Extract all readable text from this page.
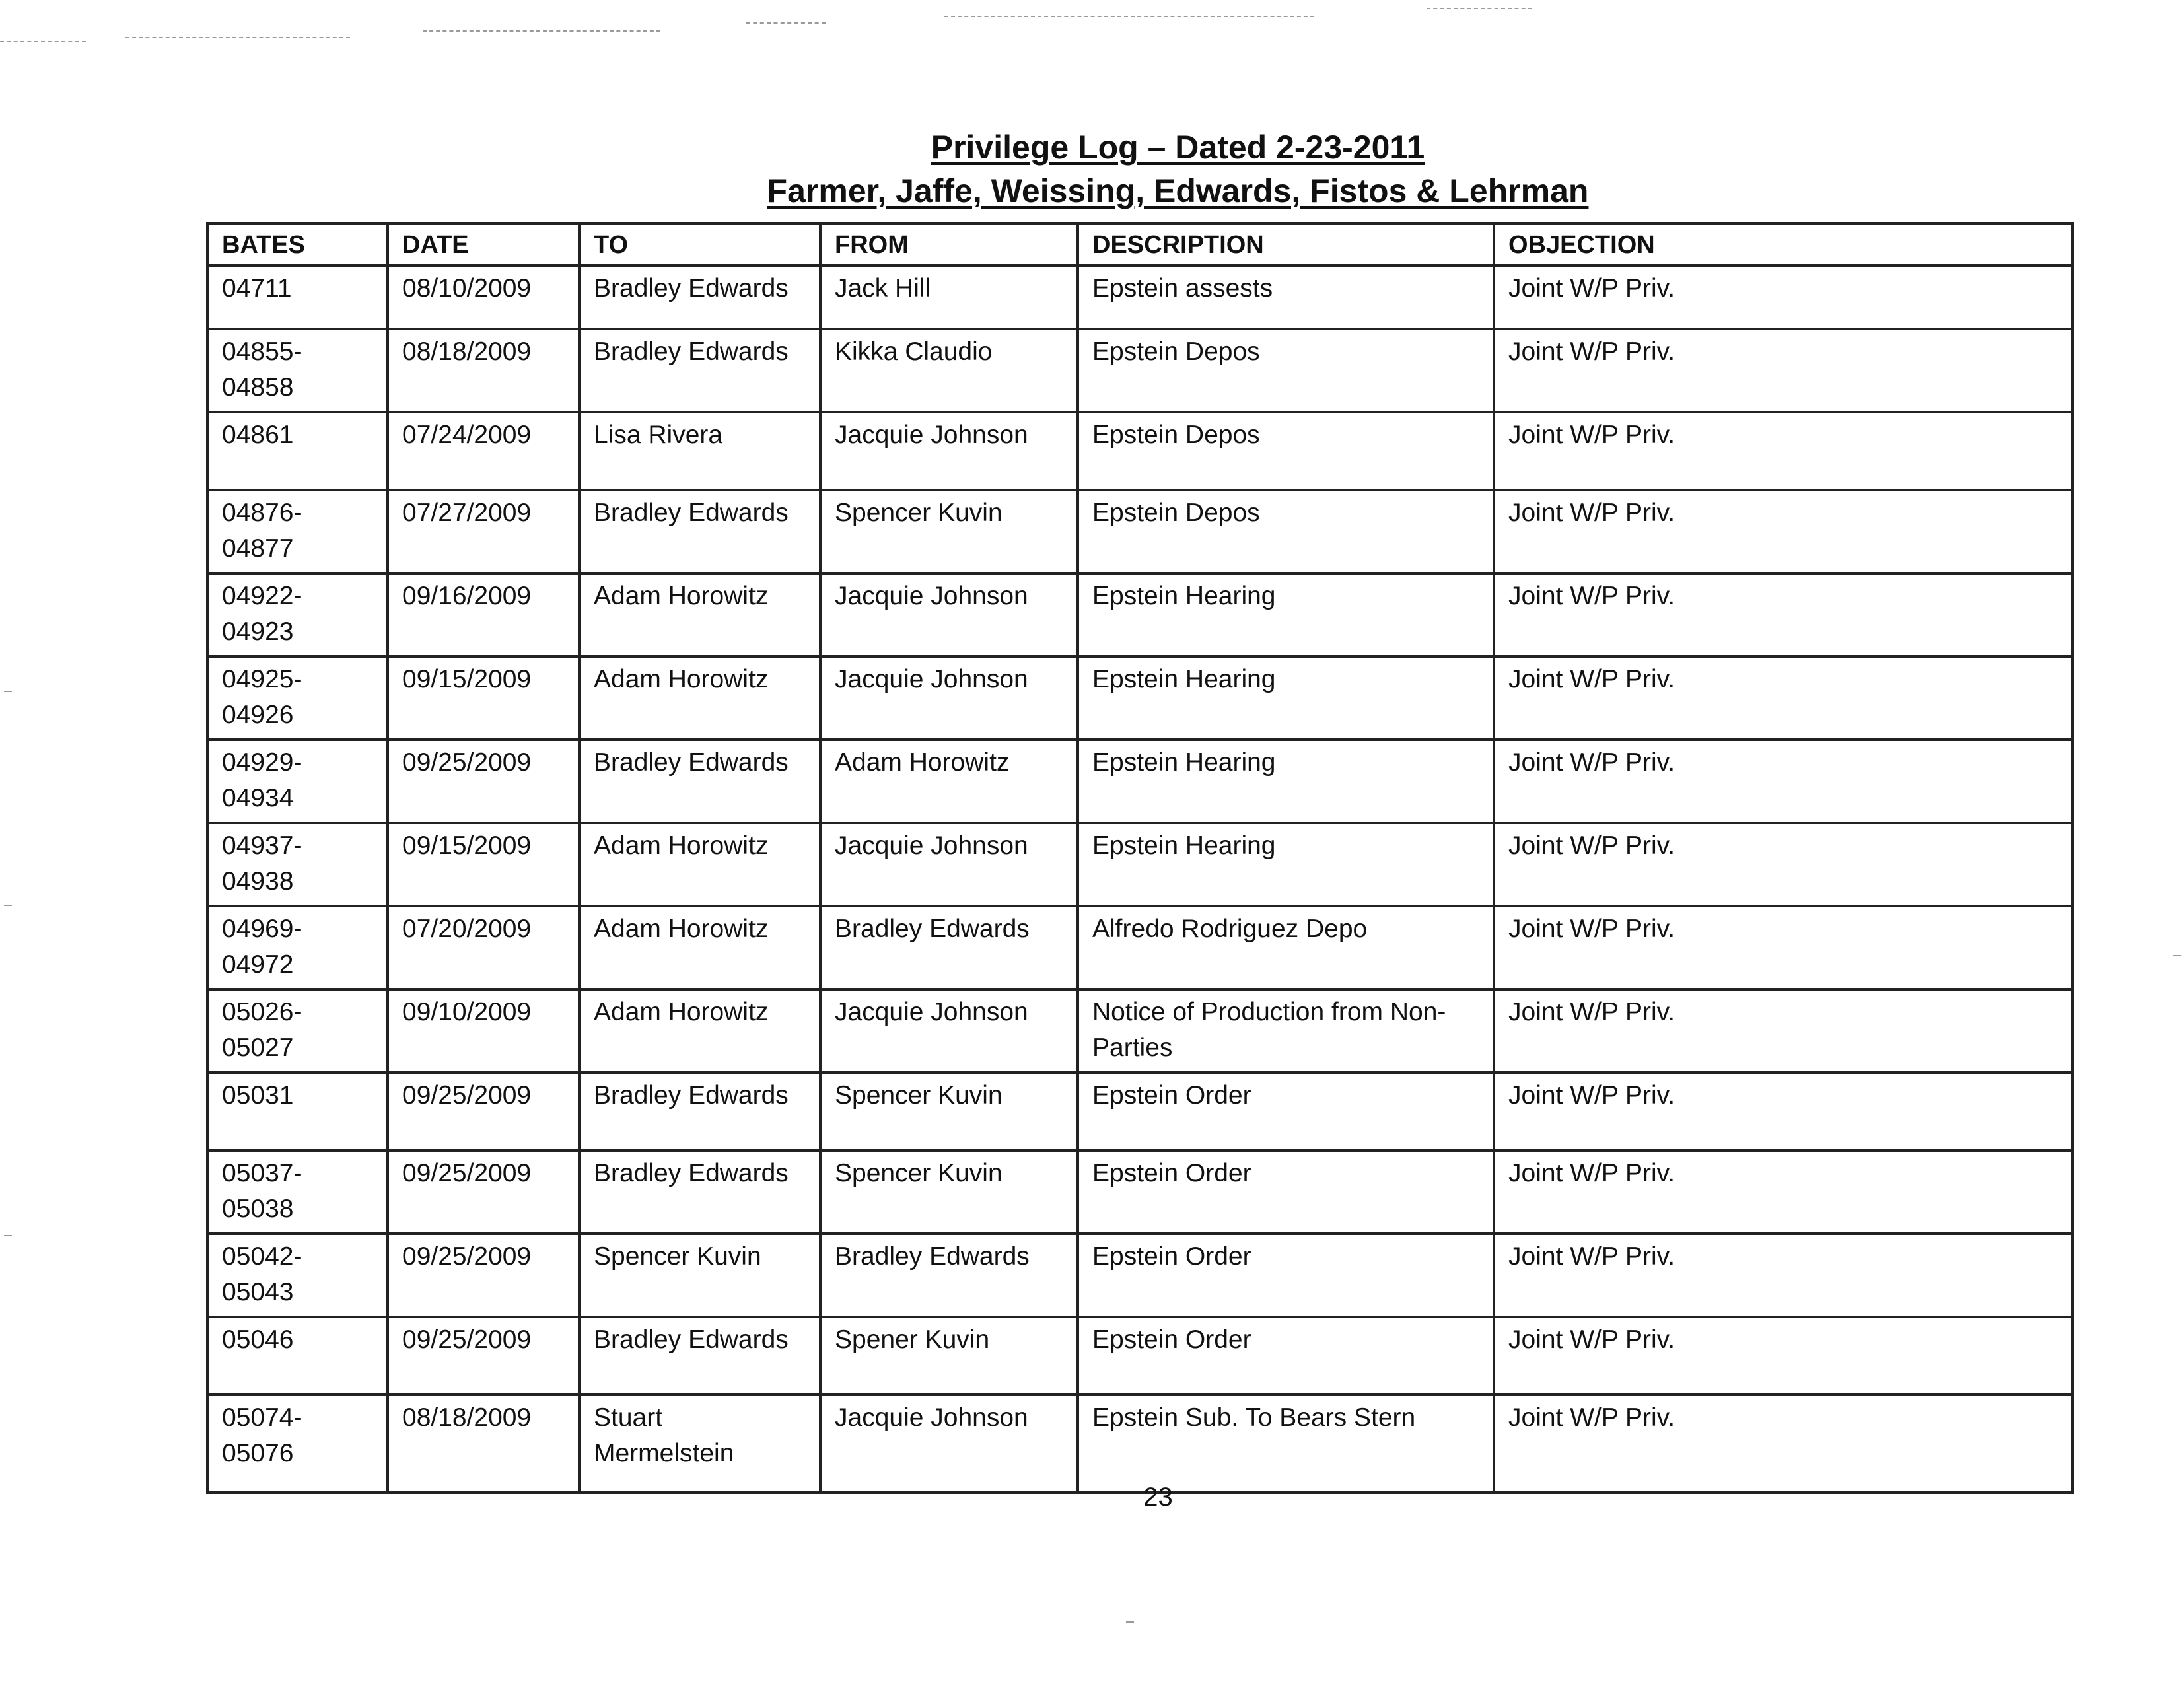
Privilege Log – Dated 2-23-2011
Farmer, Jaffe, Weissing, Edwards, Fistos & Lehrman
BATES	DATE	TO	FROM	DESCRIPTION	OBJECTION
04711	08/10/2009	Bradley Edwards	Jack Hill	Epstein assests	Joint W/P Priv.
04855-04858	08/18/2009	Bradley Edwards	Kikka Claudio	Epstein Depos	Joint W/P Priv.
04861	07/24/2009	Lisa Rivera	Jacquie Johnson	Epstein Depos	Joint W/P Priv.
04876-04877	07/27/2009	Bradley Edwards	Spencer Kuvin	Epstein Depos	Joint W/P Priv.
04922-04923	09/16/2009	Adam Horowitz	Jacquie Johnson	Epstein Hearing	Joint W/P Priv.
04925-04926	09/15/2009	Adam Horowitz	Jacquie Johnson	Epstein Hearing	Joint W/P Priv.
04929-04934	09/25/2009	Bradley Edwards	Adam Horowitz	Epstein Hearing	Joint W/P Priv.
04937-04938	09/15/2009	Adam Horowitz	Jacquie Johnson	Epstein Hearing	Joint W/P Priv.
04969-04972	07/20/2009	Adam Horowitz	Bradley Edwards	Alfredo Rodriguez Depo	Joint W/P Priv.
05026-05027	09/10/2009	Adam Horowitz	Jacquie Johnson	Notice of Production from Non-Parties	Joint W/P Priv.
05031	09/25/2009	Bradley Edwards	Spencer Kuvin	Epstein Order	Joint W/P Priv.
05037-05038	09/25/2009	Bradley Edwards	Spencer Kuvin	Epstein Order	Joint W/P Priv.
05042-05043	09/25/2009	Spencer Kuvin	Bradley Edwards	Epstein Order	Joint W/P Priv.
05046	09/25/2009	Bradley Edwards	Spener Kuvin	Epstein Order	Joint W/P Priv.
05074-05076	08/18/2009	Stuart Mermelstein	Jacquie Johnson	Epstein Sub. To Bears Stern	Joint W/P Priv.
23
